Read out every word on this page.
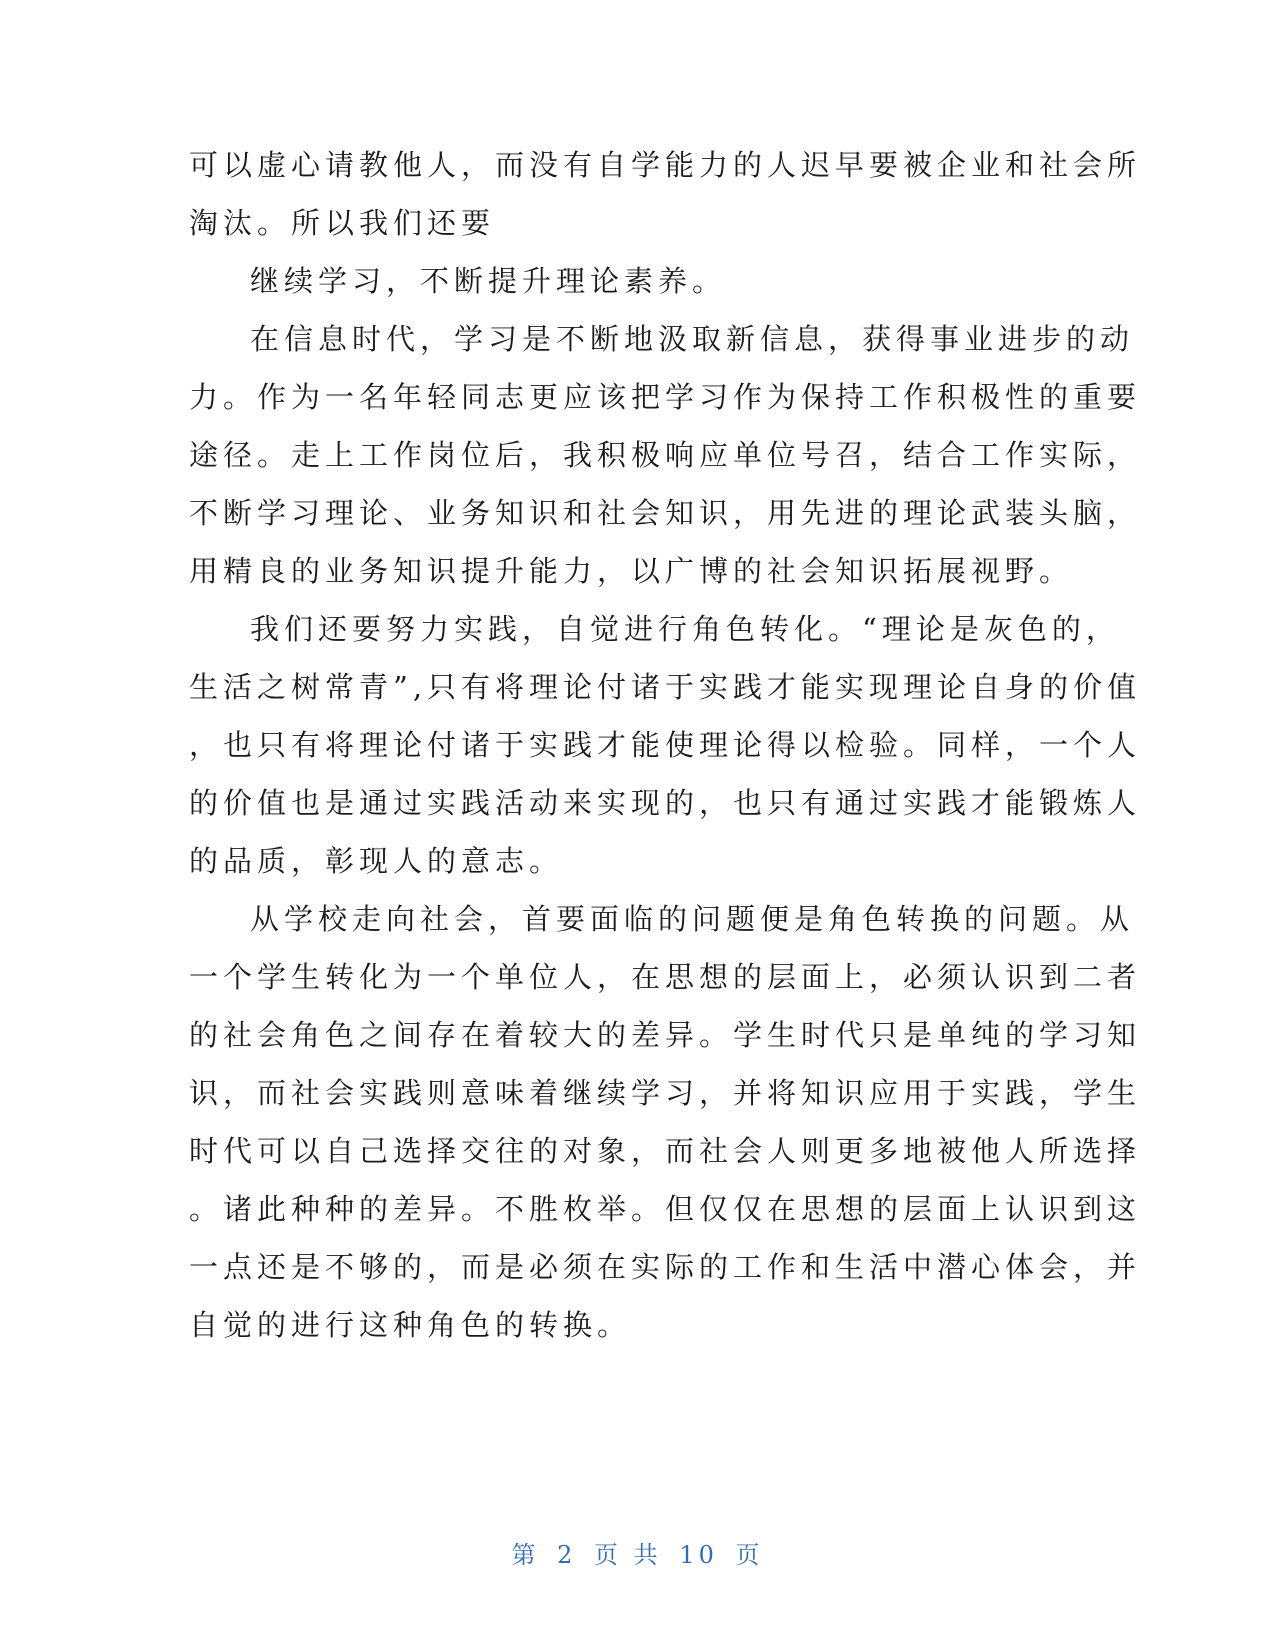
可以虚心请教他人，而没有自学能力的人迟早要被企业和社会所
淘汰。所以我们还要
继续学习，不断提升理论素养。
在信息时代，学习是不断地汲取新信息，获得事业进步的动
力。作为一名年轻同志更应该把学习作为保持工作积极性的重要
途径。走上工作岗位后，我积极响应单位号召，结合工作实际，
不断学习理论、业务知识和社会知识，用先进的理论武装头脑，
用精良的业务知识提升能力，以广博的社会知识拓展视野。
我们还要努力实践，自觉进行角色转化。“理论是灰色的，
生活之树常青”,只有将理论付诸于实践才能实现理论自身的价值
，也只有将理论付诸于实践才能使理论得以检验。同样，一个人
的价值也是通过实践活动来实现的，也只有通过实践才能锻炼人
的品质，彰现人的意志。
从学校走向社会，首要面临的问题便是角色转换的问题。从
一个学生转化为一个单位人，在思想的层面上，必须认识到二者
的社会角色之间存在着较大的差异。学生时代只是单纯的学习知
识，而社会实践则意味着继续学习，并将知识应用于实践，学生
时代可以自己选择交往的对象，而社会人则更多地被他人所选择
。诸此种种的差异。不胜枚举。但仅仅在思想的层面上认识到这
一点还是不够的，而是必须在实际的工作和生活中潜心体会，并
自觉的进行这种角色的转换。
第 2 页 共 10 页
